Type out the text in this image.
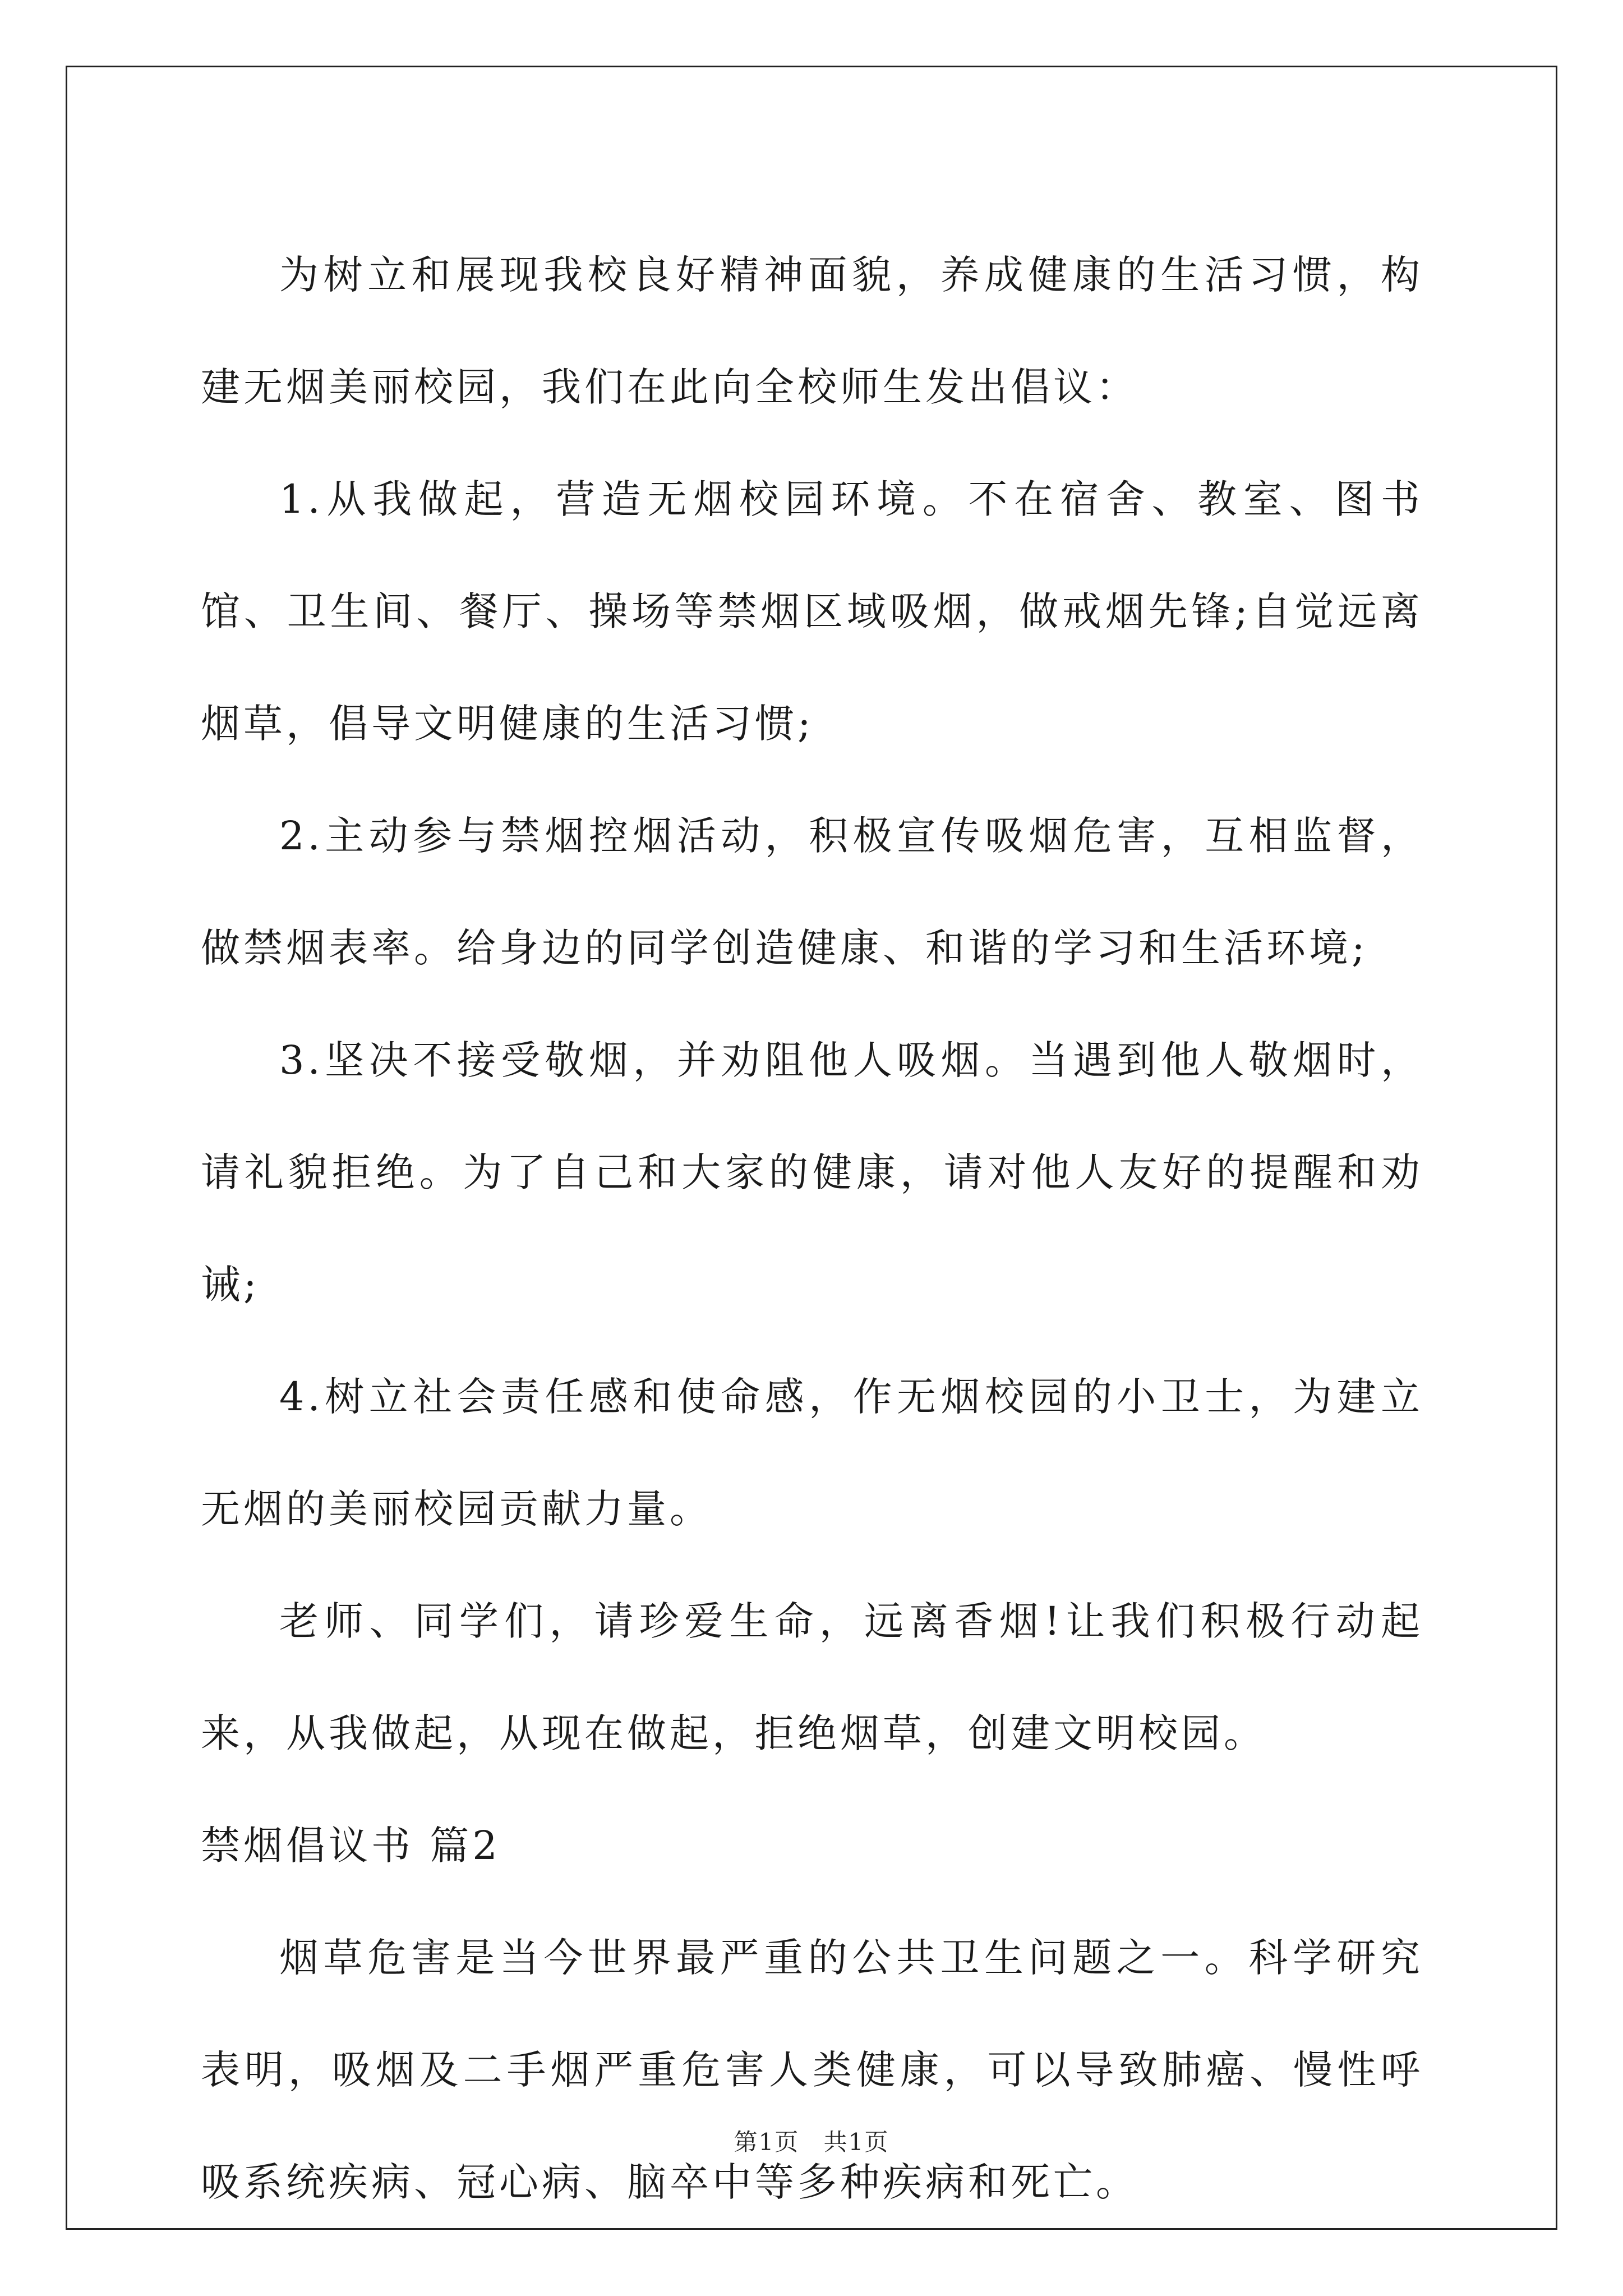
为树立和展现我校良好精神面貌，养成健康的生活习惯，构建无烟美丽校园，我们在此向全校师生发出倡议：

1.从我做起，营造无烟校园环境。不在宿舍、教室、图书馆、卫生间、餐厅、操场等禁烟区域吸烟，做戒烟先锋;自觉远离烟草，倡导文明健康的生活习惯;

2.主动参与禁烟控烟活动，积极宣传吸烟危害，互相监督，做禁烟表率。给身边的同学创造健康、和谐的学习和生活环境;

3.坚决不接受敬烟，并劝阻他人吸烟。当遇到他人敬烟时，请礼貌拒绝。为了自己和大家的健康，请对他人友好的提醒和劝诫;

4.树立社会责任感和使命感，作无烟校园的小卫士，为建立无烟的美丽校园贡献力量。

老师、同学们，请珍爱生命，远离香烟!让我们积极行动起来，从我做起，从现在做起，拒绝烟草，创建文明校园。

禁烟倡议书 篇2

烟草危害是当今世界最严重的公共卫生问题之一。科学研究表明，吸烟及二手烟严重危害人类健康，可以导致肺癌、慢性呼吸系统疾病、冠心病、脑卒中等多种疾病和死亡。

第1页 共1页
